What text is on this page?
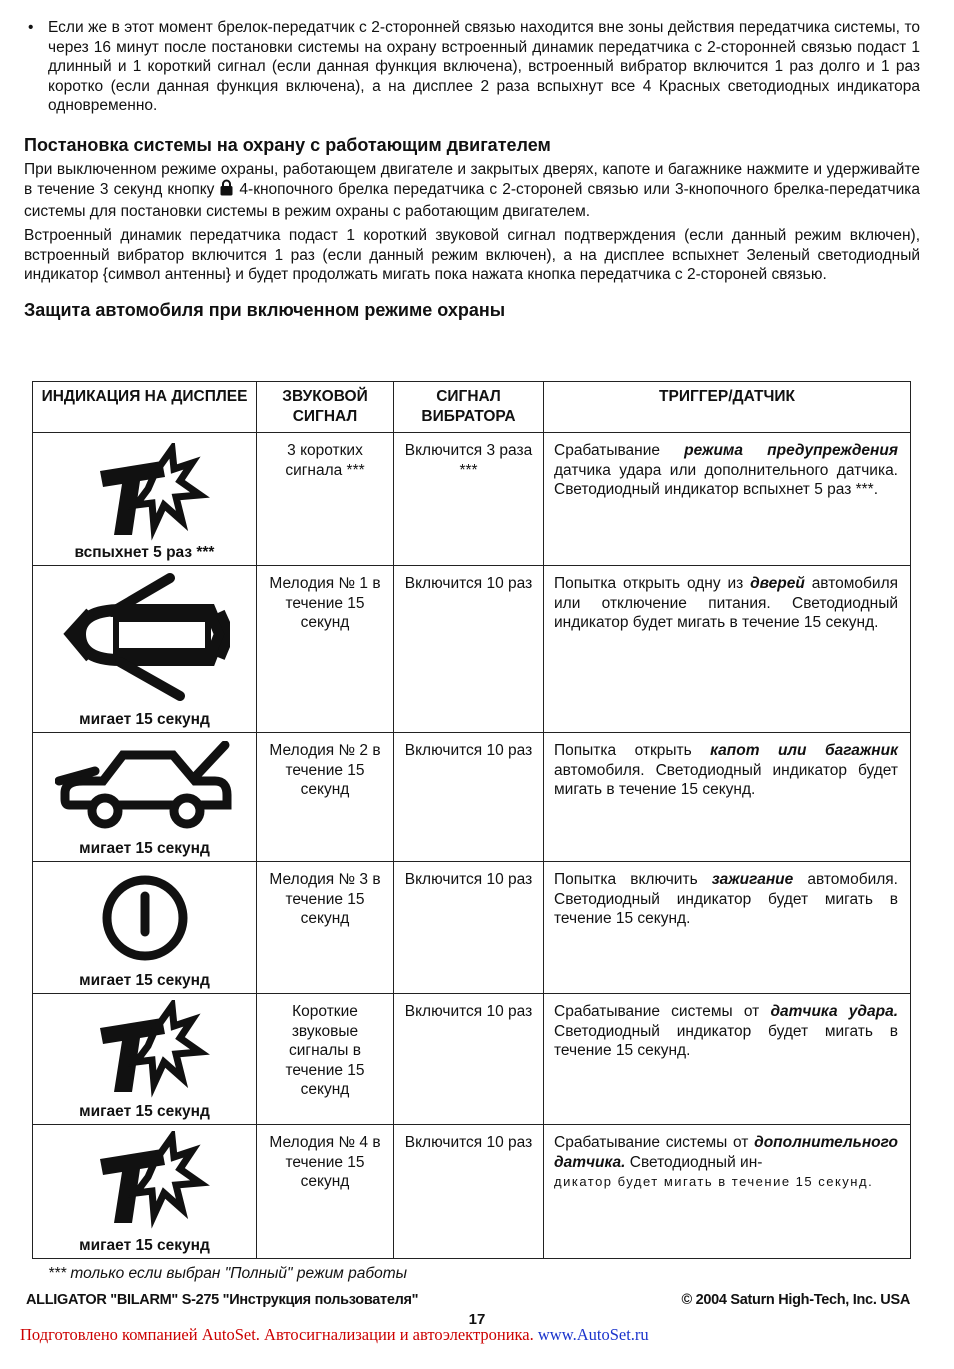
• Если же в этот момент брелок-передатчик с 2-сторонней связью находится вне зоны действия передатчика системы, то через 16 минут после постановки системы на охрану встроенный динамик передатчика с 2-сторонней связью подаст 1 длинный и 1 короткий сигнал (если данная функция включена), встроенный вибратор включится 1 раз долго и 1 раз коротко (если данная функция включена), а на дисплее 2 раза вспыхнут все 4 Красных светодиодных индикатора одновременно.

Постановка системы на охрану с работающим двигателем

При выключенном режиме охраны, работающем двигателе и закрытых дверях, капоте и багажнике нажмите и удерживайте в течение 3 секунд кнопку 4-кнопочного брелка передатчика с 2-стороней связью или 3-кнопочного брелка-передатчика системы для постановки системы в режим охраны с работающим двигателем.

Встроенный динамик передатчика подаст 1 короткий звуковой сигнал подтверждения (если данный режим включен), встроенный вибратор включится 1 раз (если данный режим включен), а на дисплее вспыхнет Зеленый светодиодный индикатор {символ антенны} и будет продолжать мигать пока нажата кнопка передатчика с 2-стороней связью.

Защита автомобиля при включенном режиме охраны
ИНДИКАЦИЯ НА ДИСПЛЕЕ	ЗВУКОВОЙ СИГНАЛ	СИГНАЛ ВИБРАТОРА	ТРИГГЕР/ДАТЧИК

вспыхнет 5 раз ***	3 коротких сигнала ***	Включится 3 раза ***	Срабатывание режима предупреждения датчика удара или дополнительного датчика. Светодиодный индикатор вспыхнет 5 раз ***.

мигает 15 секунд	Мелодия № 1 в течение 15 секунд	Включится 10 раз	Попытка открыть одну из дверей автомобиля или отключение питания. Светодиодный индикатор будет мигать в течение 15 секунд.

мигает 15 секунд	Мелодия № 2 в течение 15 секунд	Включится 10 раз	Попытка открыть капот или багажник автомобиля. Светодиодный индикатор будет мигать в течение 15 секунд.

мигает 15 секунд	Мелодия № 3 в течение 15 секунд	Включится 10 раз	Попытка включить зажигание автомобиля. Светодиодный индикатор будет мигать в течение 15 секунд.

мигает 15 секунд	Короткие звуковые сигналы в течение 15 секунд	Включится 10 раз	Срабатывание системы от датчика удара. Светодиодный индикатор будет мигать в течение 15 секунд.

мигает 15 секунд	Мелодия № 4 в течение 15 секунд	Включится 10 раз	Срабатывание системы от дополнительного датчика. Светодиодный ин-
дикатор будет мигать в течение 15 секунд.
*** только если выбран "Полный" режим работы
ALLIGATOR "BILARM" S-275 "Инструкция пользователя"	© 2004 Saturn High-Tech, Inc. USA
17
Подготовлено компанией AutoSet. Автосигнализации и автоэлектроника. www.AutoSet.ru
